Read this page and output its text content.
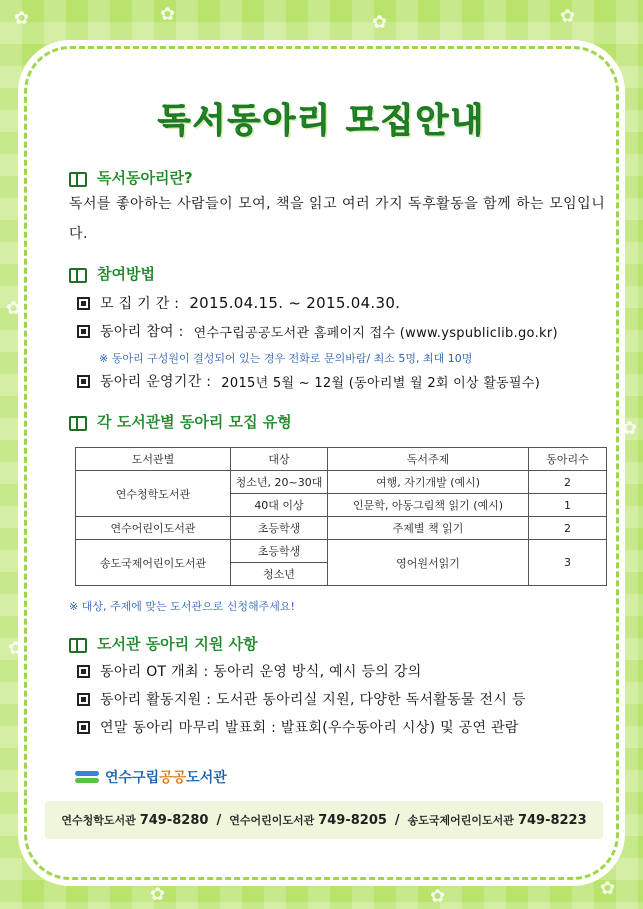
✿	✿	✿	✿
✿
✿
✿
✿	✿	✿
독서동아리 모집안내
독서동아리란?
독서를 좋아하는 사람들이 모여, 책을 읽고 여러 가지 독후활동을 함께 하는 모임입니다.
참여방법
모 집 기 간 : 2015.04.15. ~ 2015.04.30.
동아리 참여 : 연수구립공공도서관 홈페이지 접수 (www.yspubliclib.go.kr)
※ 동아리 구성원이 결성되어 있는 경우 전화로 문의바람/ 최소 5명, 최대 10명
동아리 운영기간 : 2015년 5월 ~ 12월 (동아리별 월 2회 이상 활동필수)
각 도서관별 동아리 모집 유형
도서관별	대상	독서주제	동아리수
연수청학도서관	청소년, 20~30대	여행, 자기개발 (예시)	2
	40대 이상	인문학, 아동그림책 읽기 (예시)	1
연수어린이도서관	초등학생	주제별 책 읽기	2
송도국제어린이도서관	초등학생	영어원서읽기	3
	청소년		
※ 대상, 주제에 맞는 도서관으로 신청해주세요!
도서관 동아리 지원 사항
동아리 OT 개최 : 동아리 운영 방식, 예시 등의 강의
동아리 활동지원 : 도서관 동아리실 지원, 다양한 독서활동물 전시 등
연말 동아리 마무리 발표회 : 발표회(우수동아리 시상) 및 공연 관람
연수구립공공도서관
연수청학도서관 749-8280 / 연수어린이도서관 749-8205 / 송도국제어린이도서관 749-8223
